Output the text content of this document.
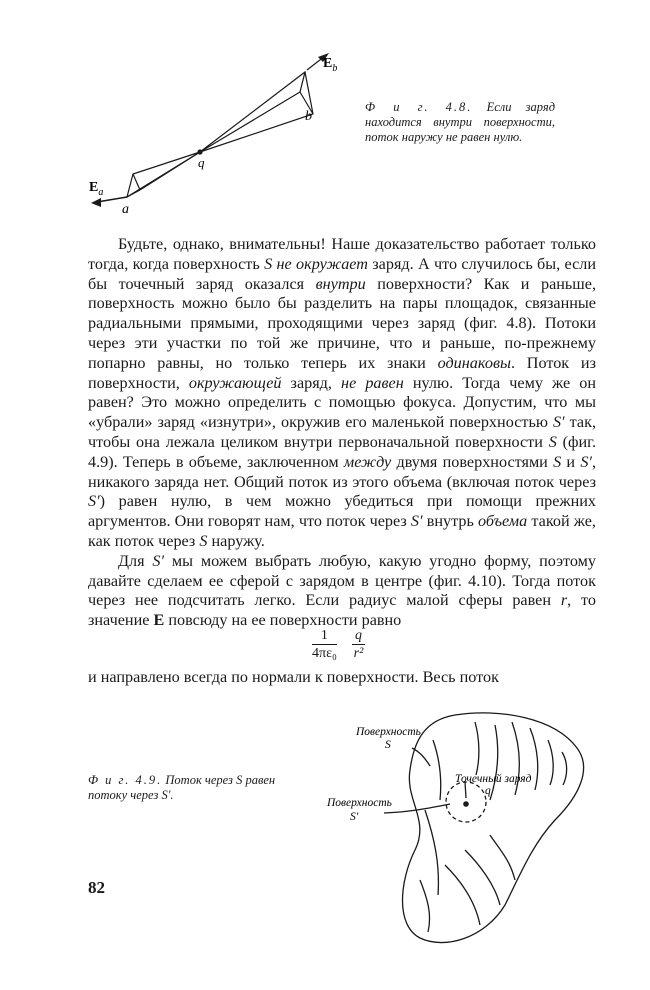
$E_b$
b
q
$E_a$
a
Ф и г. 4.8. Если заряд находится внутри поверхности, поток наружу не равен нулю.

Будьте, однако, внимательны! Наше доказательство работает только тогда, когда поверхность S не окружает заряд. А что случилось бы, если бы точечный заряд оказался внутри поверхности? Как и раньше, поверхность можно было бы разделить на пары площадок, связанные радиальными прямыми, проходящими через заряд (фиг. 4.8). Потоки через эти участки по той же причине, что и раньше, по-прежнему попарно равны, но только теперь их знаки одинаковы. Поток из поверхности, окружающей заряд, не равен нулю. Тогда чему же он равен? Это можно определить с помощью фокуса. Допустим, что мы «убрали» заряд «изнутри», окружив его маленькой поверхностью S′ так, чтобы она лежала целиком внутри первоначальной поверхности S (фиг. 4.9). Теперь в объеме, заключенном между двумя поверхностями S и S′, никакого заряда нет. Общий поток из этого объема (включая поток через S′) равен нулю, в чем можно убедиться при помощи прежних аргументов. Они говорят нам, что поток через S′ внутрь объема такой же, как поток через S наружу.

Для S′ мы можем выбрать любую, какую угодно форму, поэтому давайте сделаем ее сферой с зарядом в центре (фиг. 4.10). Тогда поток через нее подсчитать легко. Если радиус малой сферы равен r, то значение E повсюду на ее поверхности равно

$\frac{1}{\text{4πε₀}} \frac{q}{\text{r²}}$
и направлено всегда по нормали к поверхности. Весь поток
Поверхность
S
Точечный заряд
q
Поверхность
S′
Ф и г. 4.9. Поток через S равен потоку через S′.
82
